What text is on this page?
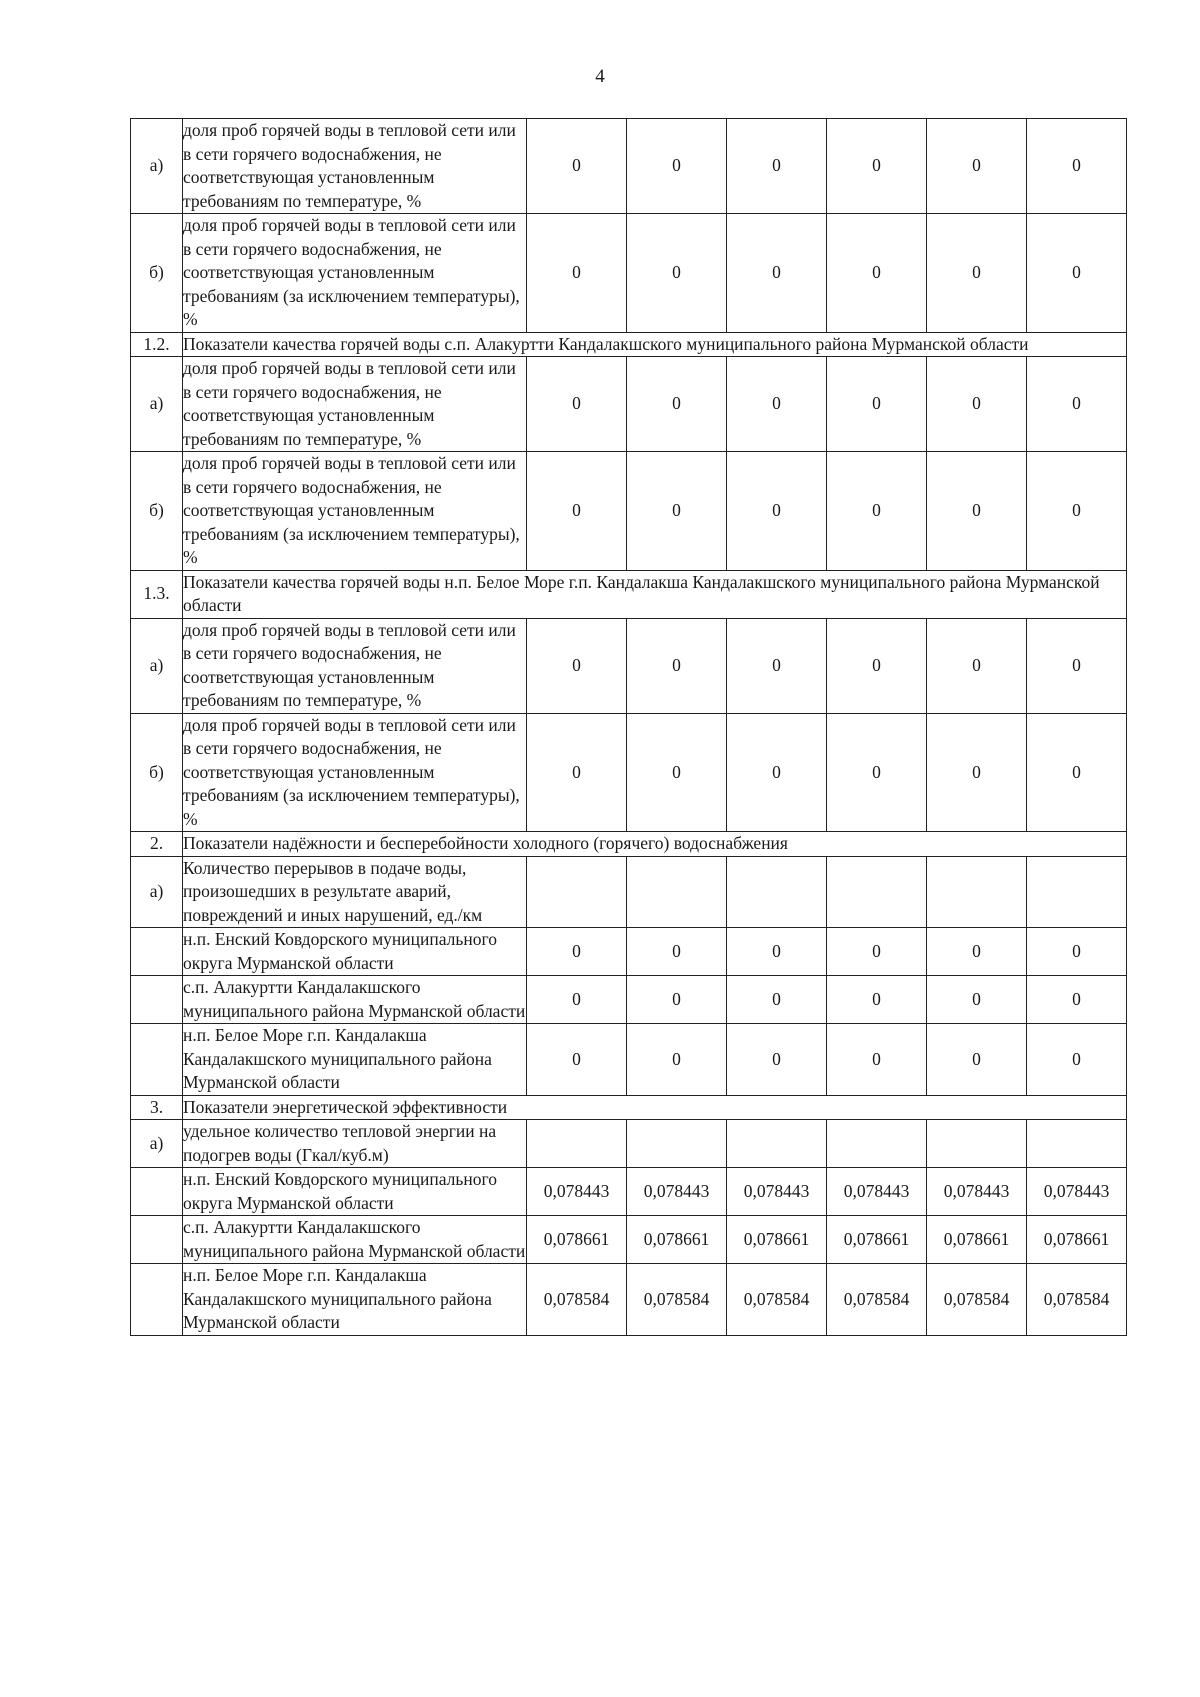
4
а)	доля проб горячей воды в тепловой сети или в сети горячего водоснабжения, не соответствующая установленным требованиям по температуре, %	0	0	0	0	0	0
б)	доля проб горячей воды в тепловой сети или в сети горячего водоснабжения, не соответствующая установленным требованиям (за исключением температуры), %	0	0	0	0	0	0
1.2.	Показатели качества горячей воды с.п. Алакуртти Кандалакшского муниципального района Мурманской области						
а)	доля проб горячей воды в тепловой сети или в сети горячего водоснабжения, не соответствующая установленным требованиям по температуре, %	0	0	0	0	0	0
б)	доля проб горячей воды в тепловой сети или в сети горячего водоснабжения, не соответствующая установленным требованиям (за исключением температуры), %	0	0	0	0	0	0
1.3.	Показатели качества горячей воды н.п. Белое Море г.п. Кандалакша Кандалакшского муниципального района Мурманской области						
а)	доля проб горячей воды в тепловой сети или в сети горячего водоснабжения, не соответствующая установленным требованиям по температуре, %	0	0	0	0	0	0
б)	доля проб горячей воды в тепловой сети или в сети горячего водоснабжения, не соответствующая установленным требованиям (за исключением температуры), %	0	0	0	0	0	0
2.	Показатели надёжности и бесперебойности холодного (горячего) водоснабжения						
а)	Количество перерывов в подаче воды, произошедших в результате аварий, повреждений и иных нарушений, ед./км						
	н.п. Енский Ковдорского муниципального округа Мурманской области	0	0	0	0	0	0
	с.п. Алакуртти Кандалакшского муниципального района Мурманской области	0	0	0	0	0	0
	н.п. Белое Море г.п. Кандалакша Кандалакшского муниципального района Мурманской области	0	0	0	0	0	0
3.	Показатели энергетической эффективности						
а)	удельное количество тепловой энергии на подогрев воды (Гкал/куб.м)						
	н.п. Енский Ковдорского муниципального округа Мурманской области	0,078443	0,078443	0,078443	0,078443	0,078443	0,078443
	с.п. Алакуртти Кандалакшского муниципального района Мурманской области	0,078661	0,078661	0,078661	0,078661	0,078661	0,078661
	н.п. Белое Море г.п. Кандалакша Кандалакшского муниципального района Мурманской области	0,078584	0,078584	0,078584	0,078584	0,078584	0,078584
